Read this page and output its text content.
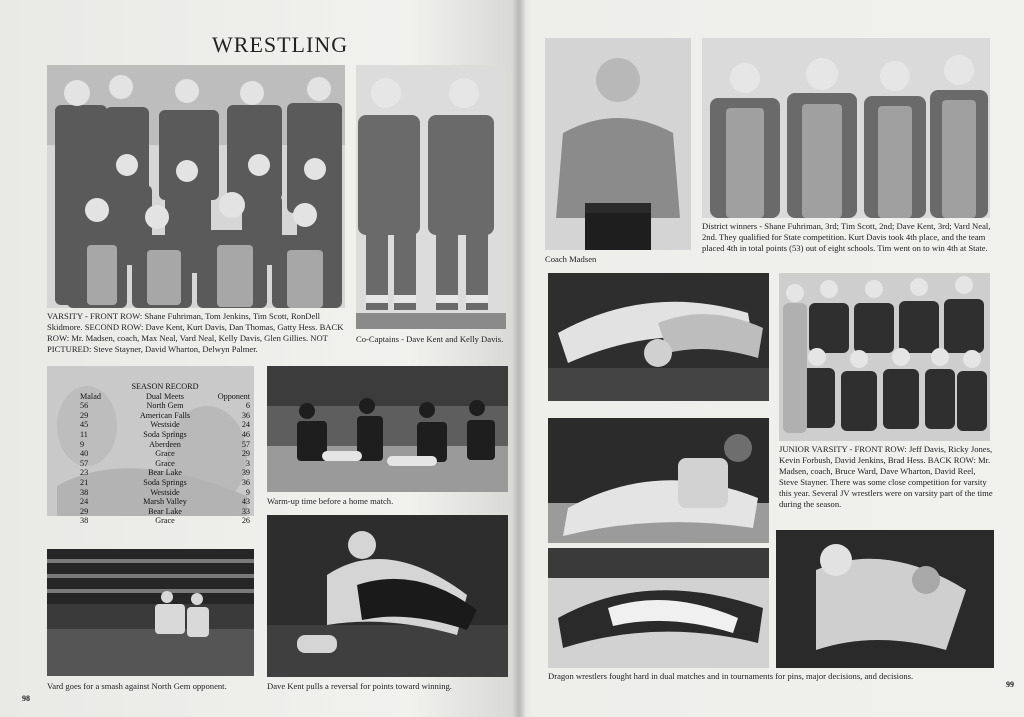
WRESTLING
VARSITY - FRONT ROW: Shane Fuhriman, Tom Jenkins, Tim Scott, RonDell Skidmore. SECOND ROW: Dave Kent, Kurt Davis, Dan Thomas, Gatty Hess. BACK ROW: Mr. Madsen, coach, Max Neal, Vard Neal, Kelly Davis, Glen Gillies. NOT PICTURED: Steve Stayner, David Wharton, Delwyn Palmer.
Co-Captains - Dave Kent and Kelly Davis.
SEASON RECORD
Malad	Dual Meets	Opponent
56	North Gem	6
29	American Falls	36
45	Westside	24
11	Soda Springs	46
9	Aberdeen	57
40	Grace	29
57	Grace	3
23	Bear Lake	39
21	Soda Springs	36
38	Westside	9
24	Marsh Valley	43
29	Bear Lake	33
38	Grace	26
Warm-up time before a home match.
Vard goes for a smash against North Gem opponent.	Dave Kent pulls a reversal for points toward winning.
98
Coach Madsen
District winners - Shane Fuhriman, 3rd; Tim Scott, 2nd; Dave Kent, 3rd; Vard Neal, 2nd. They qualified for State competition. Kurt Davis took 4th place, and the team placed 4th in total points (53) out of eight schools. Tim went on to win 4th at State.
JUNIOR VARSITY - FRONT ROW: Jeff Davis, Ricky Jones, Kevin Forbush, David Jenkins, Brad Hess. BACK ROW: Mr. Madsen, coach, Bruce Ward, Dave Wharton, David Reel, Steve Stayner. There was some close competition for varsity this year. Several JV wrestlers were on varsity part of the time during the season.
Dragon wrestlers fought hard in dual matches and in tournaments for pins, major decisions, and decisions.
99
